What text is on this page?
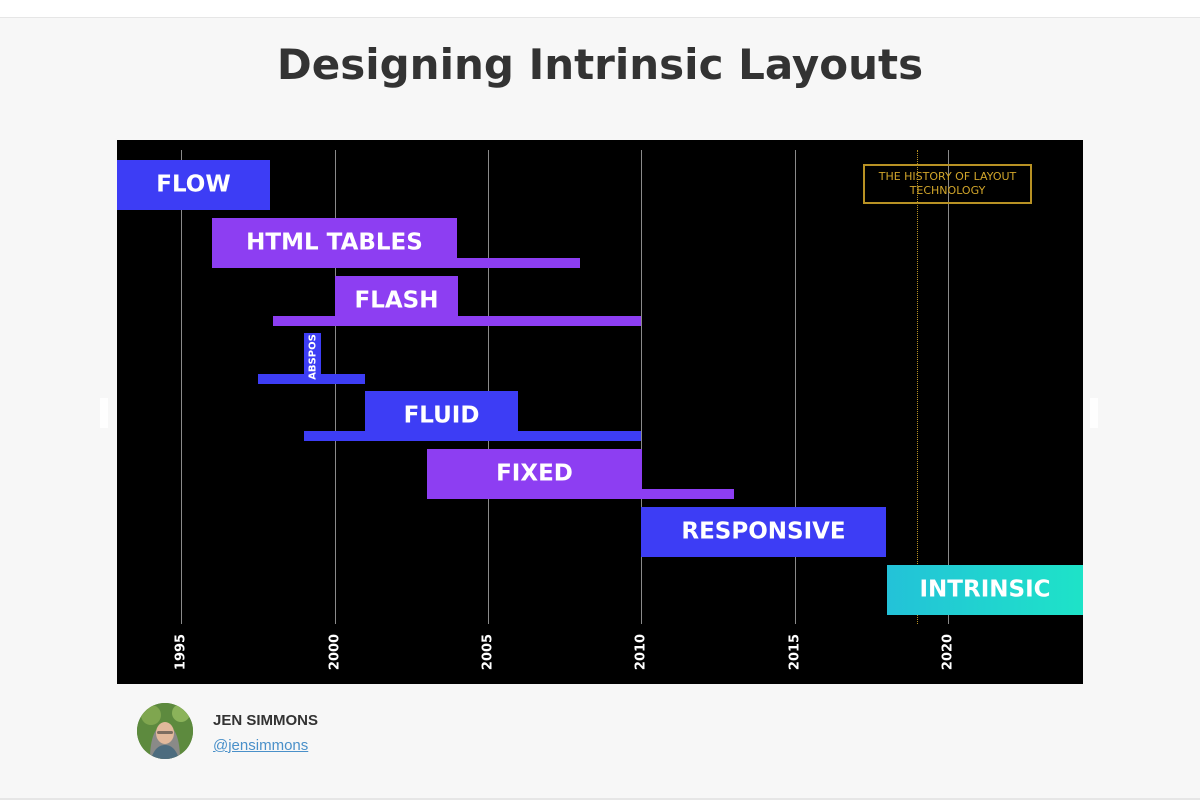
Designing Intrinsic Layouts
FLOW
HTML TABLES
FLASH
ABSPOS
FLUID
FIXED
RESPONSIVE
INTRINSIC
1995	2000	2005	2010	2015	2020
THE HISTORY OF LAYOUT
TECHNOLOGY
JEN SIMMONS
@jensimmons
